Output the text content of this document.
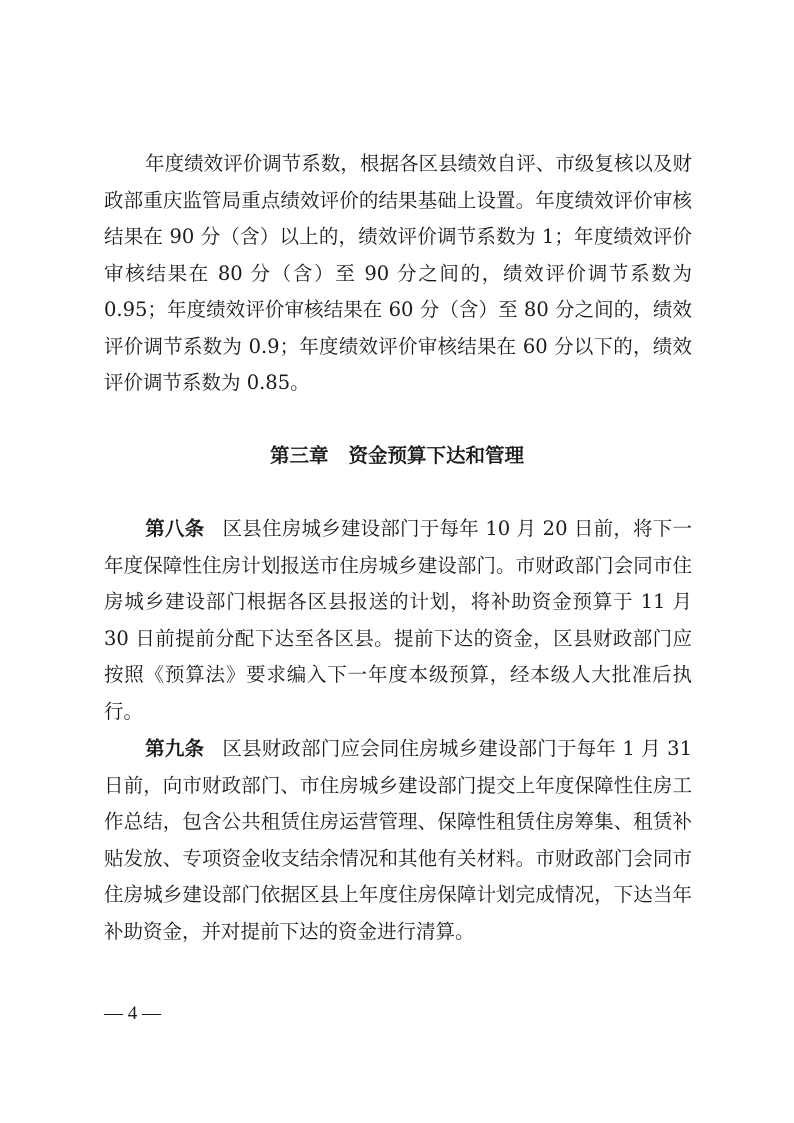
年度绩效评价调节系数，根据各区县绩效自评、市级复核以及财政部重庆监管局重点绩效评价的结果基础上设置。年度绩效评价审核结果在 90 分（含）以上的，绩效评价调节系数为 1；年度绩效评价审核结果在 80 分（含）至 90 分之间的，绩效评价调节系数为 0.95；年度绩效评价审核结果在 60 分（含）至 80 分之间的，绩效评价调节系数为 0.9；年度绩效评价审核结果在 60 分以下的，绩效评价调节系数为 0.85。

第三章 资金预算下达和管理

第八条 区县住房城乡建设部门于每年 10 月 20 日前，将下一年度保障性住房计划报送市住房城乡建设部门。市财政部门会同市住房城乡建设部门根据各区县报送的计划，将补助资金预算于 11 月 30 日前提前分配下达至各区县。提前下达的资金，区县财政部门应按照《预算法》要求编入下一年度本级预算，经本级人大批准后执行。

第九条 区县财政部门应会同住房城乡建设部门于每年 1 月 31 日前，向市财政部门、市住房城乡建设部门提交上年度保障性住房工作总结，包含公共租赁住房运营管理、保障性租赁住房筹集、租赁补贴发放、专项资金收支结余情况和其他有关材料。市财政部门会同市住房城乡建设部门依据区县上年度住房保障计划完成情况，下达当年补助资金，并对提前下达的资金进行清算。

— 4 —
